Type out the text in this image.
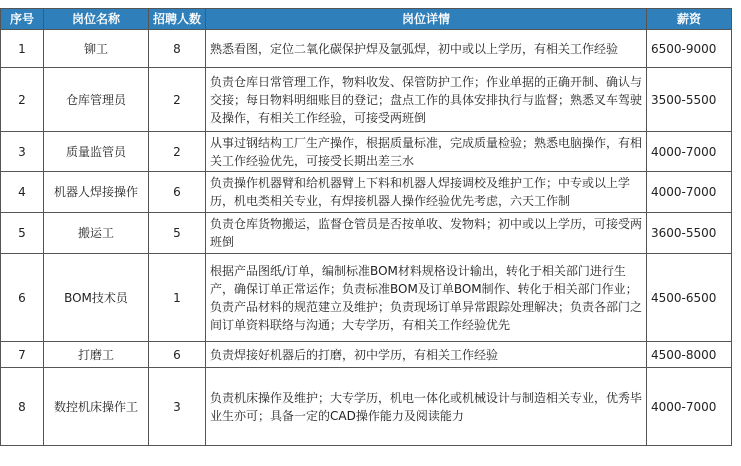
序号	岗位名称	招聘人数	岗位详情	薪资
1	铆工	8	熟悉看图，定位二氧化碳保护焊及氩弧焊，初中或以上学历，有相关工作经验	6500-9000
2	仓库管理员	2	负责仓库日常管理工作，物料收发、保管防护工作；作业单据的正确开制、确认与交接；每日物料明细账目的登记；盘点工作的具体安排执行与监督；熟悉叉车驾驶及操作，有相关工作经验，可接受两班倒	3500-5500
3	质量监管员	2	从事过钢结构工厂生产操作，根据质量标准，完成质量检验；熟悉电脑操作，有相关工作经验优先，可接受长期出差三水	4000-7000
4	机器人焊接操作	6	负责操作机器臂和给机器臂上下料和机器人焊接调校及维护工作；中专或以上学历，机电类相关专业，有焊接机器人操作经验优先考虑，六天工作制	4000-7000
5	搬运工	5	负责仓库货物搬运，监督仓管员是否按单收、发物料；初中或以上学历，可接受两班倒	3600-5500
6	BOM技术员	1	根据产品图纸/订单，编制标准BOM材料规格设计输出，转化于相关部门进行生产，确保订单正常运作；负责标准BOM及订单BOM制作、转化于相关部门作业；负责产品材料的规范建立及维护；负责现场订单异常跟踪处理解决；负责各部门之间订单资料联络与沟通；大专学历，有相关工作经验优先	4500-6500
7	打磨工	6	负责焊接好机器后的打磨，初中学历，有相关工作经验	4500-8000
8	数控机床操作工	3	负责机床操作及维护；大专学历，机电一体化或机械设计与制造相关专业，优秀毕业生亦可；具备一定的CAD操作能力及阅读能力	4000-7000
